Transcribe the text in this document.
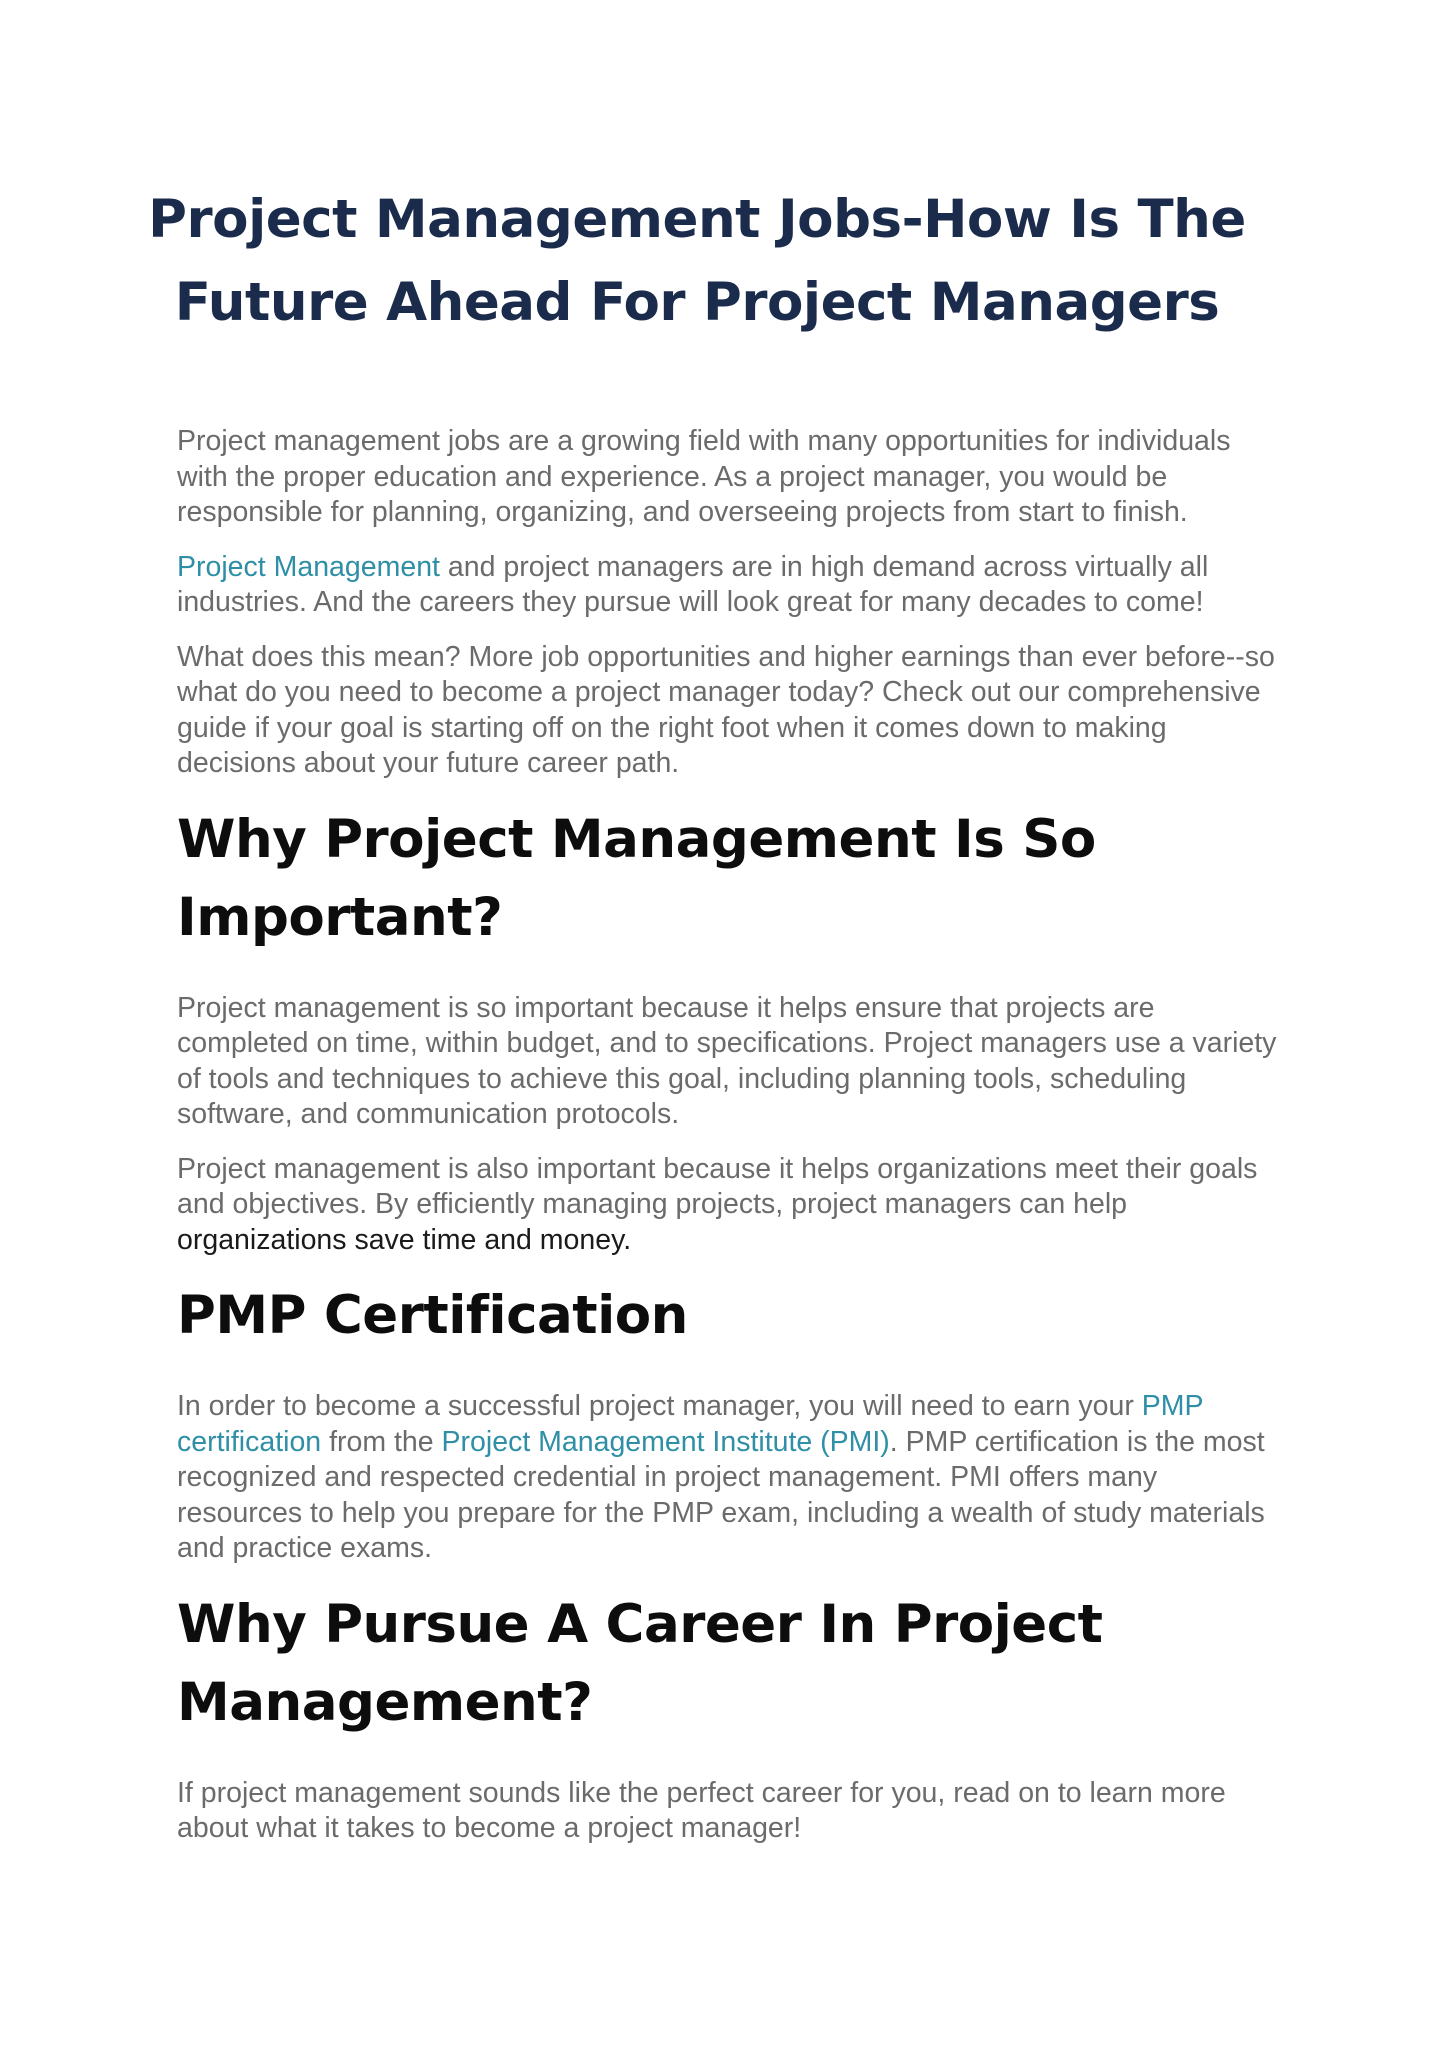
Project Management Jobs-How Is The Future Ahead For Project Managers

Project management jobs are a growing field with many opportunities for individuals with the proper education and experience. As a project manager, you would be responsible for planning, organizing, and overseeing projects from start to finish.

Project Management and project managers are in high demand across virtually all industries. And the careers they pursue will look great for many decades to come!

What does this mean? More job opportunities and higher earnings than ever before--so what do you need to become a project manager today? Check out our comprehensive guide if your goal is starting off on the right foot when it comes down to making decisions about your future career path.

Why Project Management Is So Important?

Project management is so important because it helps ensure that projects are completed on time, within budget, and to specifications. Project managers use a variety of tools and techniques to achieve this goal, including planning tools, scheduling software, and communication protocols.

Project management is also important because it helps organizations meet their goals and objectives. By efficiently managing projects, project managers can help organizations save time and money.

PMP Certification

In order to become a successful project manager, you will need to earn your PMP certification from the Project Management Institute (PMI). PMP certification is the most recognized and respected credential in project management. PMI offers many resources to help you prepare for the PMP exam, including a wealth of study materials and practice exams.

Why Pursue A Career In Project Management?

If project management sounds like the perfect career for you, read on to learn more about what it takes to become a project manager!
